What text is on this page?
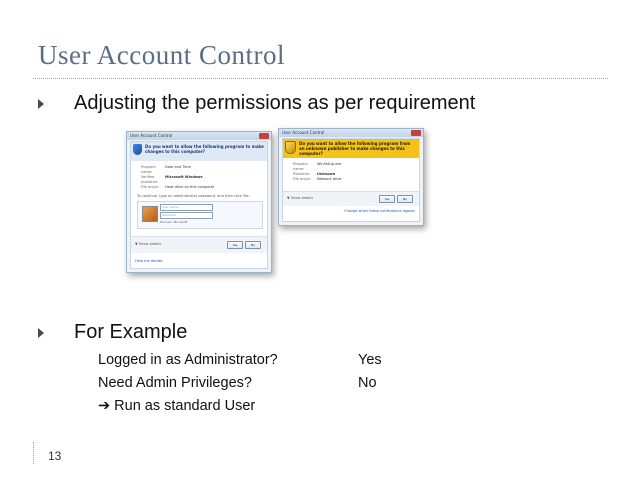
User Account Control
Adjusting the permissions as per requirement
User Account Control
Do you want to allow the following program to make changes to this computer?
Program name:
Date and Time
Verified publisher:
Microsoft Windows
File origin:	Hard drive on this computer
To continue, type an administrator password, and then click Yes.
User name
Password
Domain: Microsoft
▼ Show details	Yes	No
Help me decide
User Account Control
Do you want to allow the following program from an unknown publisher to make changes to this computer?
Program name:
WinSetUp.exe
Publisher:	Unknown
File origin:	Network drive
▼ Show details	Yes	No
Change when these notifications appear
For Example
Logged in as Administrator?	Yes
Need Admin Privileges?	No
➔ Run as standard User
13
